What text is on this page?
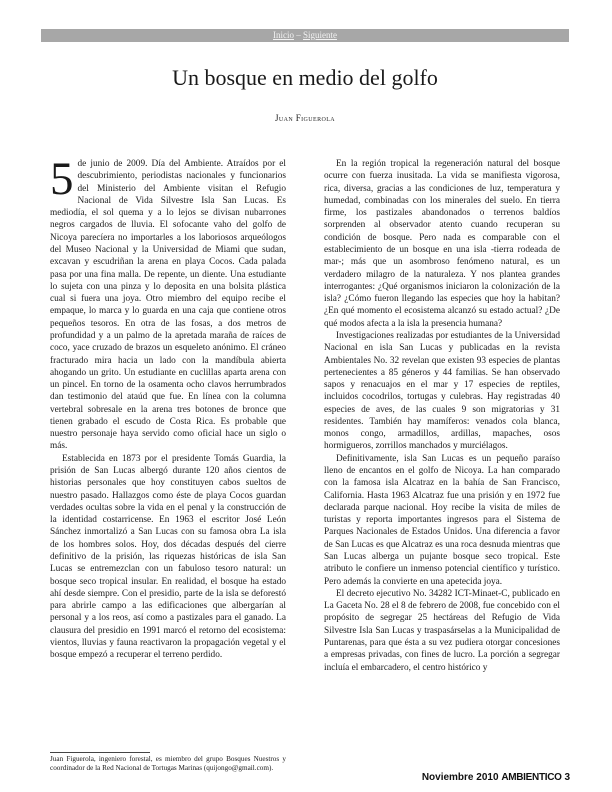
Inicio – Siguiente
Un bosque en medio del golfo
Juan Figuerola

5 de junio de 2009. Día del Ambiente. Atraídos por el descubrimiento, periodistas nacionales y funcionarios del Ministerio del Ambiente visitan el Refugio Nacional de Vida Silvestre Isla San Lucas. Es mediodía, el sol quema y a lo lejos se divisan nubarrones negros cargados de lluvia. El sofocante vaho del golfo de Nicoya parecíera no importarles a los laboriosos arqueólogos del Museo Nacional y la Universidad de Miami que sudan, excavan y escudriñan la arena en playa Cocos. Cada palada pasa por una fina malla. De repente, un diente. Una estudiante lo sujeta con una pinza y lo deposita en una bolsita plástica cual si fuera una joya. Otro miembro del equipo recibe el empaque, lo marca y lo guarda en una caja que contiene otros pequeños tesoros. En otra de las fosas, a dos metros de profundidad y a un palmo de la apretada maraña de raíces de coco, yace cruzado de brazos un esqueleto anónimo. El cráneo fracturado mira hacia un lado con la mandíbula abierta ahogando un grito. Un estudiante en cuclillas aparta arena con un pincel. En torno de la osamenta ocho clavos herrumbrados dan testimonio del ataúd que fue. En línea con la columna vertebral sobresale en la arena tres botones de bronce que tienen grabado el escudo de Costa Rica. Es probable que nuestro personaje haya servido como oficial hace un siglo o más.

Establecida en 1873 por el presidente Tomás Guardia, la prisión de San Lucas albergó durante 120 años cientos de historias personales que hoy constituyen cabos sueltos de nuestro pasado. Hallazgos como éste de playa Cocos guardan verdades ocultas sobre la vida en el penal y la construcción de la identidad costarricense. En 1963 el escritor José León Sánchez inmortalizó a San Lucas con su famosa obra La isla de los hombres solos. Hoy, dos décadas después del cierre definitivo de la prisión, las riquezas históricas de isla San Lucas se entremezclan con un fabuloso tesoro natural: un bosque seco tropical insular. En realidad, el bosque ha estado ahí desde siempre. Con el presidio, parte de la isla se deforestó para abrirle campo a las edificaciones que albergarían al personal y a los reos, así como a pastizales para el ganado. La clausura del presidio en 1991 marcó el retorno del ecosistema: vientos, lluvias y fauna reactivaron la propagación vegetal y el bosque empezó a recuperar el terreno perdido.

En la región tropical la regeneración natural del bosque ocurre con fuerza inusitada. La vida se manifiesta vigorosa, rica, diversa, gracias a las condiciones de luz, temperatura y humedad, combinadas con los minerales del suelo. En tierra firme, los pastizales abandonados o terrenos baldíos sorprenden al observador atento cuando recuperan su condición de bosque. Pero nada es comparable con el establecimiento de un bosque en una isla -tierra rodeada de mar-; más que un asombroso fenómeno natural, es un verdadero milagro de la naturaleza. Y nos plantea grandes interrogantes: ¿Qué organismos iniciaron la colonización de la isla? ¿Cómo fueron llegando las especies que hoy la habitan? ¿En qué momento el ecosistema alcanzó su estado actual? ¿De qué modos afecta a la isla la presencia humana?

Investigaciones realizadas por estudiantes de la Universidad Nacional en isla San Lucas y publicadas en la revista Ambientales No. 32 revelan que existen 93 especies de plantas pertenecientes a 85 géneros y 44 familias. Se han observado sapos y renacuajos en el mar y 17 especies de reptiles, incluidos cocodrilos, tortugas y culebras. Hay registradas 40 especies de aves, de las cuales 9 son migratorias y 31 residentes. También hay mamíferos: venados cola blanca, monos congo, armadillos, ardillas, mapaches, osos hormigueros, zorrillos manchados y murciélagos.

Definitivamente, isla San Lucas es un pequeño paraíso lleno de encantos en el golfo de Nicoya. La han comparado con la famosa isla Alcatraz en la bahía de San Francisco, California. Hasta 1963 Alcatraz fue una prisión y en 1972 fue declarada parque nacional. Hoy recibe la visita de miles de turistas y reporta importantes ingresos para el Sistema de Parques Nacionales de Estados Unidos. Una diferencia a favor de San Lucas es que Alcatraz es una roca desnuda mientras que San Lucas alberga un pujante bosque seco tropical. Este atributo le confiere un inmenso potencial científico y turístico. Pero además la convierte en una apetecida joya.

El decreto ejecutivo No. 34282 ICT-Minaet-C, publicado en La Gaceta No. 28 el 8 de febrero de 2008, fue concebido con el propósito de segregar 25 hectáreas del Refugio de Vida Silvestre Isla San Lucas y traspasárselas a la Municipalidad de Puntarenas, para que ésta a su vez pudiera otorgar concesiones a empresas privadas, con fines de lucro. La porción a segregar incluía el embarcadero, el centro histórico y

Juan Figuerola, ingeniero forestal, es miembro del grupo Bosques Nuestros y coordinador de la Red Nacional de Tortugas Marinas (quijongo@gmail.com).
Noviembre 2010 AMBIENTICO 3
